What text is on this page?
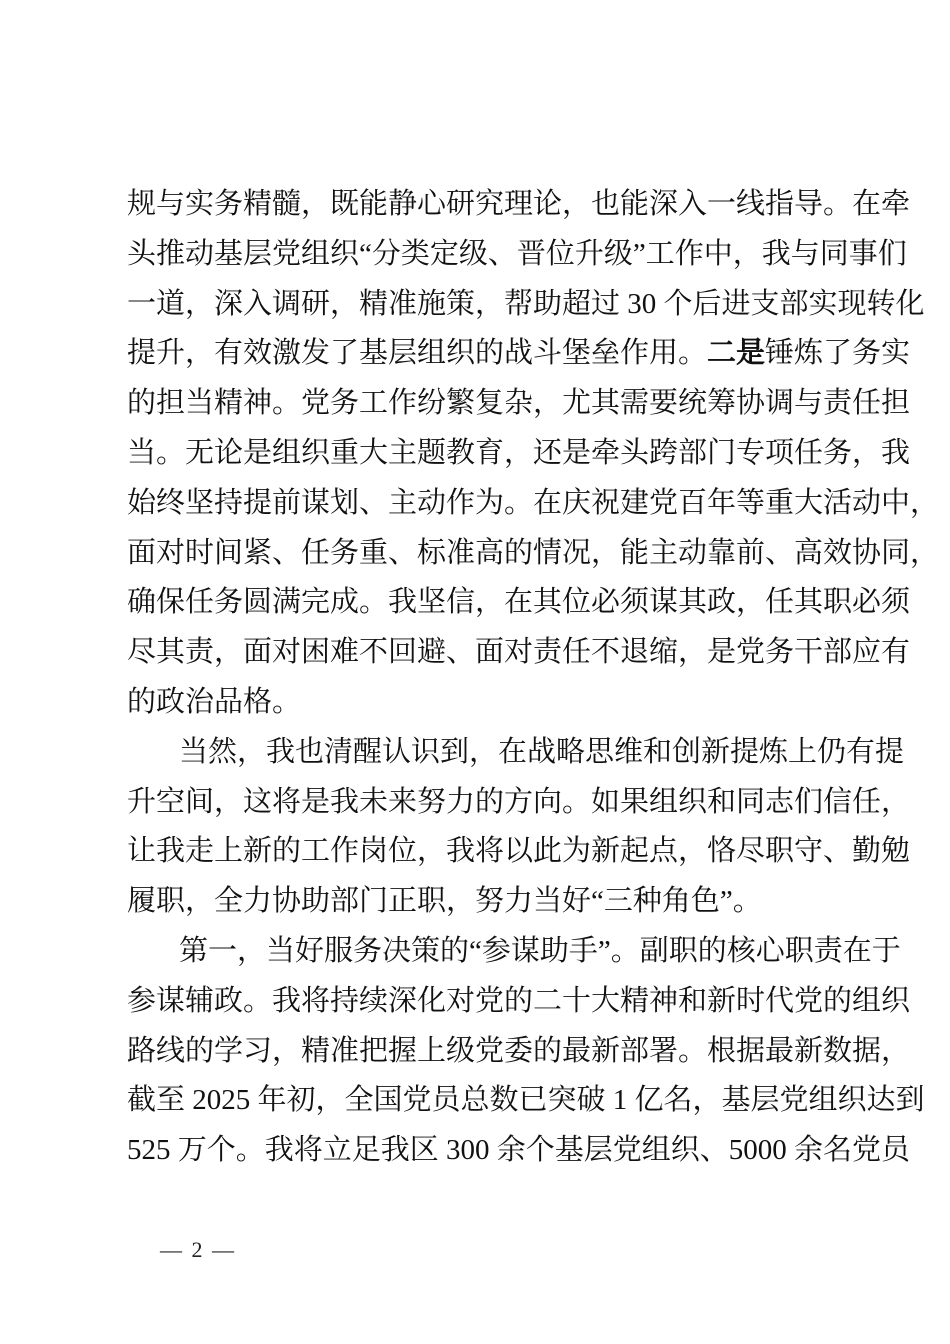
规与实务精髓，既能静心研究理论，也能深入一线指导。在牵
头推动基层党组织“分类定级、晋位升级”工作中，我与同事们
一道，深入调研，精准施策，帮助超过 30 个后进支部实现转化
提升，有效激发了基层组织的战斗堡垒作用。二是锤炼了务实
的担当精神。党务工作纷繁复杂，尤其需要统筹协调与责任担
当。无论是组织重大主题教育，还是牵头跨部门专项任务，我
始终坚持提前谋划、主动作为。在庆祝建党百年等重大活动中，
面对时间紧、任务重、标准高的情况，能主动靠前、高效协同，
确保任务圆满完成。我坚信，在其位必须谋其政，任其职必须
尽其责，面对困难不回避、面对责任不退缩，是党务干部应有
的政治品格。
当然，我也清醒认识到，在战略思维和创新提炼上仍有提
升空间，这将是我未来努力的方向。如果组织和同志们信任，
让我走上新的工作岗位，我将以此为新起点，恪尽职守、勤勉
履职，全力协助部门正职，努力当好“三种角色”。
第一，当好服务决策的“参谋助手”。副职的核心职责在于
参谋辅政。我将持续深化对党的二十大精神和新时代党的组织
路线的学习，精准把握上级党委的最新部署。根据最新数据，
截至 2025 年初，全国党员总数已突破 1 亿名，基层党组织达到
525 万个。我将立足我区 300 余个基层党组织、5000 余名党员
— 2 —
